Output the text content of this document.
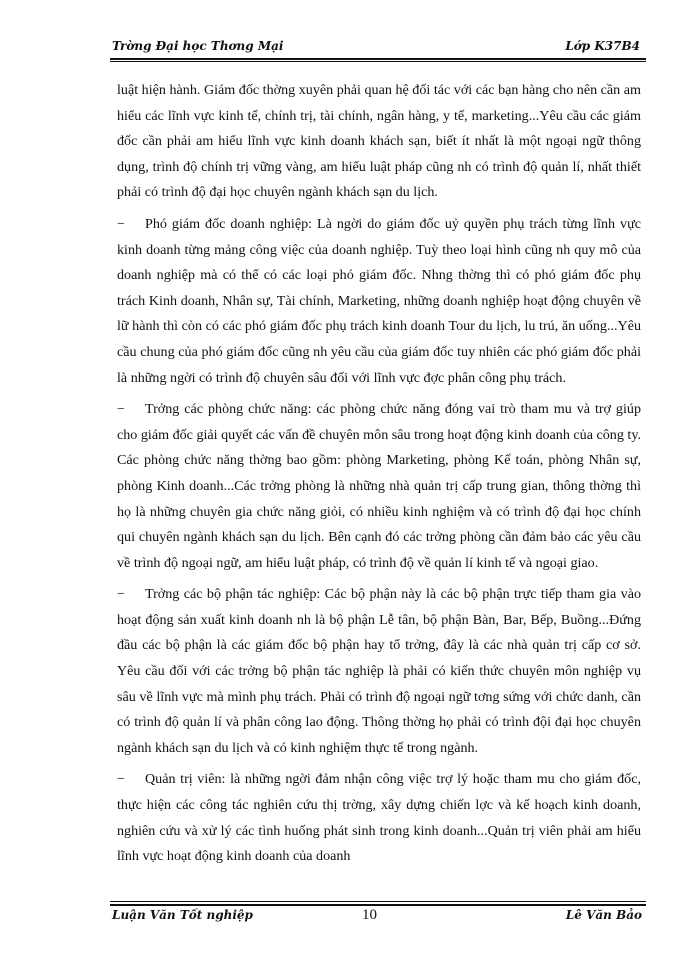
Trờng Đại học Thơng Mại	Lớp K37B4

luật hiện hành. Giám đốc thờng xuyên phải quan hệ đối tác với các bạn hàng cho nên cần am hiểu các lĩnh vực kinh tế, chính trị, tài chính, ngân hàng, y tế, marketing...Yêu cầu các giám đốc cần phải am hiểu lĩnh vực kinh doanh khách sạn, biết ít nhất là một ngoại ngữ thông dụng, trình độ chính trị vững vàng, am hiểu luật pháp cũng nh có trình độ quản lí, nhất thiết phải có trình độ đại học chuyên ngành khách sạn du lịch.

− Phó giám đốc doanh nghiệp: Là ngời do giám đốc uỷ quyền phụ trách từng lĩnh vực kinh doanh từng mảng công việc của doanh nghiệp. Tuỳ theo loại hình cũng nh quy mô của doanh nghiệp mà có thể có các loại phó giám đốc. Nhng thờng thì có phó giám đốc phụ trách Kinh doanh, Nhân sự, Tài chính, Marketing, những doanh nghiệp hoạt động chuyên về lữ hành thì còn có các phó giám đốc phụ trách kinh doanh Tour du lịch, lu trú, ăn uống...Yêu cầu chung của phó giám đốc cũng nh yêu cầu của giám đốc tuy nhiên các phó giám đốc phải là những ngời có trình độ chuyên sâu đối với lĩnh vực đợc phân công phụ trách.

− Trởng các phòng chức năng: các phòng chức năng đóng vai trò tham mu và trợ giúp cho giám đốc giải quyết các vấn đề chuyên môn sâu trong hoạt động kinh doanh của công ty. Các phòng chức năng thờng bao gồm: phòng Marketing, phòng Kế toán, phòng Nhân sự, phòng Kinh doanh...Các trởng phòng là những nhà quản trị cấp trung gian, thông thờng thì họ là những chuyên gia chức năng giỏi, có nhiều kinh nghiệm và có trình độ đại học chính qui chuyên ngành khách sạn du lịch. Bên cạnh đó các trởng phòng cần đảm bảo các yêu cầu về trình độ ngoại ngữ, am hiểu luật pháp, có trình độ về quản lí kinh tế và ngoại giao.

− Trởng các bộ phận tác nghiệp: Các bộ phận này là các bộ phận trực tiếp tham gia vào hoạt động sản xuất kinh doanh nh là bộ phận Lễ tân, bộ phận Bàn, Bar, Bếp, Buồng...Đứng đầu các bộ phận là các giám đốc bộ phận hay tổ trởng, đây là các nhà quản trị cấp cơ sở. Yêu cầu đối với các trởng bộ phận tác nghiệp là phải có kiến thức chuyên môn nghiệp vụ sâu về lĩnh vực mà mình phụ trách. Phải có trình độ ngoại ngữ tơng sứng với chức danh, cần có trình độ quản lí và phân công lao động. Thông thờng họ phải có trình đội đại học chuyên ngành khách sạn du lịch và có kinh nghiệm thực tế trong ngành.

− Quản trị viên: là những ngời đảm nhận công việc trợ lý hoặc tham mu cho giám đốc, thực hiện các công tác nghiên cứu thị trờng, xây dựng chiến lợc và kế hoạch kinh doanh, nghiên cứu và xử lý các tình huống phát sinh trong kinh doanh...Quản trị viên phải am hiểu lĩnh vực hoạt động kinh doanh của doanh

Luận Văn Tốt nghiệp	10	Lê Văn Bảo
